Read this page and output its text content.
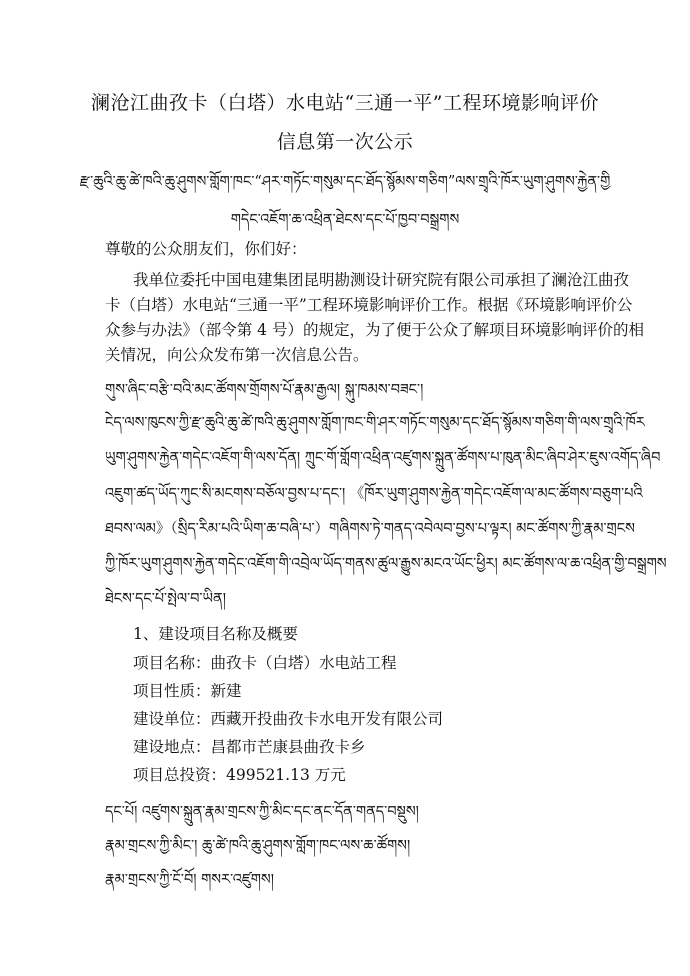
澜沧江曲孜卡（白塔）水电站“三通一平”工程环境影响评价
信息第一次公示
རྫ་ཆུའི་ཆུ་ཚེ་ཁའི་ཆུ་ཤུགས་གློག་ཁང་“ཤར་གཏོང་གསུམ་དང་ཐོད་སྙོམས་གཅིག”ལས་གྲྭའི་ཁོར་ཡུག་ཤུགས་རྐྱེན་གྱི
གདེང་འཇོག་ཆ་འཕྲིན་ཐེངས་དང་པོ་ཁྱབ་བསྒྲགས
尊敬的公众朋友们，你们好：
我单位委托中国电建集团昆明勘测设计研究院有限公司承担了澜沧江曲孜
卡（白塔）水电站“三通一平”工程环境影响评价工作。根据《环境影响评价公
众参与办法》（部令第 4 号）的规定，为了便于公众了解项目环境影响评价的相
关情况，向公众发布第一次信息公告。
གུས་ཞིང་བརྩི་བའི་མང་ཚོགས་གྲོགས་པོ་རྣམ་རྒྱལ། སྐུ་ཁམས་བཟང་།
ངེད་ལས་ཁུངས་ཀྱི་རྫ་ཆུའི་ཆུ་ཚེ་ཁའི་ཆུ་ཤུགས་གློག་ཁང་གི་ཤར་གཏོང་གསུམ་དང་ཐོད་སྙོམས་གཅིག་གི་ལས་གྲྭའི་ཁོར
ཡུག་ཤུགས་རྐྱེན་གདེང་འཇོག་གི་ལས་དོན། ཀྲུང་གོ་གློག་འཕྲིན་འཛུགས་སྐྲུན་ཚོགས་པ་ཁུན་མིང་ཞིབ་ཤེར་ཇུས་འགོད་ཞིབ
འཇུག་ཚད་ཡོད་ཀུང་སི་མངགས་བཅོལ་བྱས་པ་དང་། 《ཁོར་ཡུག་ཤུགས་རྐྱེན་གདེང་འཇོག་ལ་མང་ཚོགས་བཅུག་པའི
ཐབས་ལམ》（སྲིད་རིམ་པའི་ཡིག་ཆ་བཞི་པ་）གཞིགས་ཏེ་གནད་འབེལབ་བྱས་པ་ལྟར། མང་ཚོགས་ཀྱི་རྣམ་གྲངས
ཀྱི་ཁོར་ཡུག་ཤུགས་རྐྱེན་གདེང་འཇོག་གི་འབྲེལ་ཡོད་གནས་ཚུལ་རྒྱུས་མངའ་ཡོང་ཕྱིར། མང་ཚོགས་ལ་ཆ་འཕྲིན་གྱི་བསྒྲགས
ཐེངས་དང་པོ་སྤེལ་བ་ཡིན།
1、建设项目名称及概要
项目名称：曲孜卡（白塔）水电站工程
项目性质：新建
建设单位：西藏开投曲孜卡水电开发有限公司
建设地点：昌都市芒康县曲孜卡乡
项目总投资：499521.13 万元
དང་པོ། འཛུགས་སྐྲུན་རྣམ་གྲངས་ཀྱི་མིང་དང་ནང་དོན་གནད་བསྡུས།
རྣམ་གྲངས་ཀྱི་མིང་། ཆུ་ཚེ་ཁའི་ཆུ་ཤུགས་གློག་ཁང་ལས་ཆ་ཚོགས།
རྣམ་གྲངས་ཀྱི་ངོ་བོ། གསར་འཛུགས།
